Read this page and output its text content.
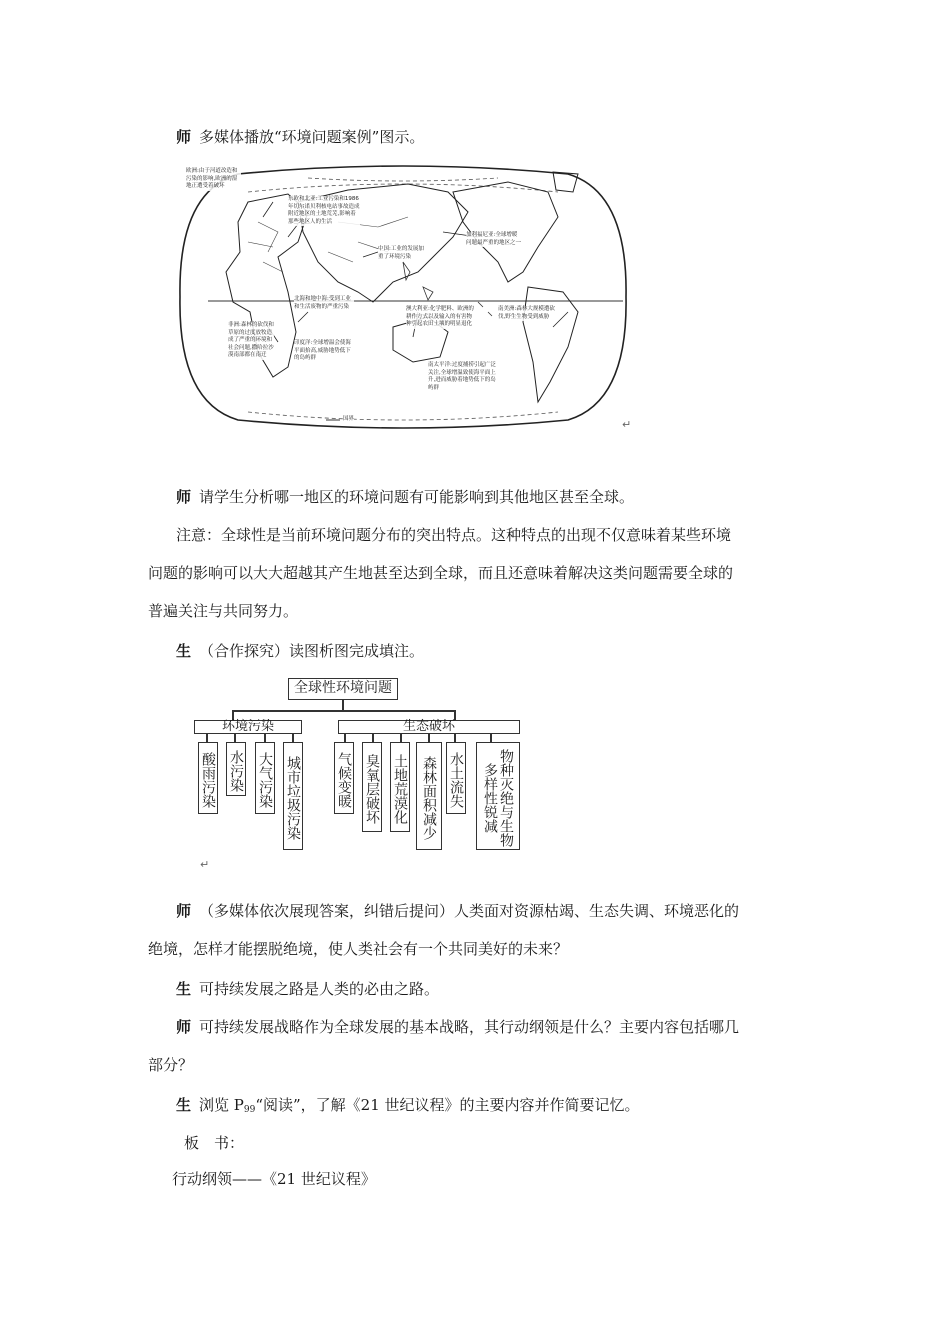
师 多媒体播放“环境问题案例”图示。

欧洲:由于河道改造和污染的影响,欧洲的湿地正遭受着破坏
东欧和北亚:工业污染和1986年切尔诺贝利核电站事故造成附近地区的土地荒芜,影响着那些地区人的生活
加利福尼亚:全球增暖问题最严重的地区之一
中国:工业的发展加重了环境污染
北海和地中海:受到工业和生活废物的严重污染
非洲:森林的砍伐和草原的过度放牧造成了严重的环境和社会问题,撒哈拉沙漠南部都在南迁
印度洋:全球增温会使海平面抬高,威胁地势低下的岛屿群
澳大利亚:化学肥料、欧洲的耕作方式以及输入的有害物种引起农田土壤的明显退化
南美洲:森林大规模遭砍伐,野生生物受到威胁
南太平洋:过度捕捞引起广泛关注,全球增温致使海平面上升,进而威胁着地势低下的岛屿群
国界	↵

师 请学生分析哪一地区的环境问题有可能影响到其他地区甚至全球。

注意：全球性是当前环境问题分布的突出特点。这种特点的出现不仅意味着某些环境
问题的影响可以大大超越其产生地甚至达到全球，而且还意味着解决这类问题需要全球的
普遍关注与共同努力。

生 （合作探究）读图析图完成填注。

全球性环境问题
环境污染	生态破坏
酸雨污染 水污染 大气污染 城市垃圾污染	气候变暖 臭氧层破坏 土地荒漠化 森林面积减少 水土流失	物种灭绝与生物多样性锐减
↵
师 （多媒体依次展现答案，纠错后提问）人类面对资源枯竭、生态失调、环境恶化的
绝境，怎样才能摆脱绝境，使人类社会有一个共同美好的未来？

生 可持续发展之路是人类的必由之路。

师 可持续发展战略作为全球发展的基本战略，其行动纲领是什么？主要内容包括哪几
部分？

生 浏览 P99“阅读”，了解《21 世纪议程》的主要内容并作简要记忆。

板　书：

行动纲领——《21 世纪议程》
